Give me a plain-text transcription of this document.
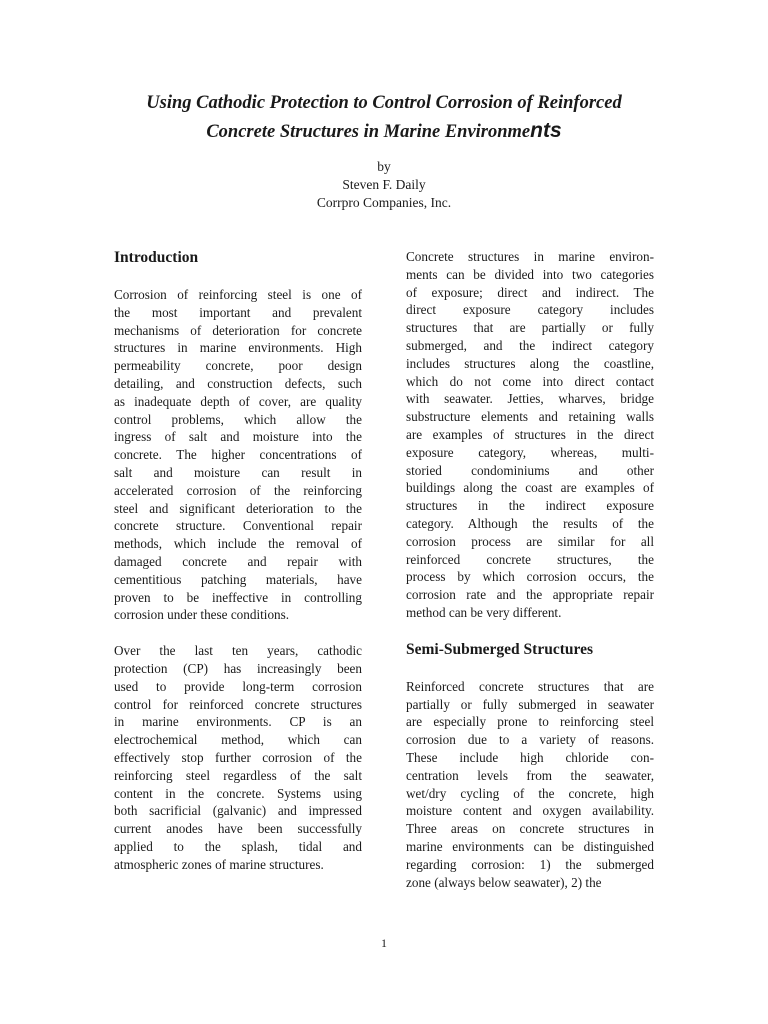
Using Cathodic Protection to Control Corrosion of Reinforced
Concrete Structures in Marine Environments
by
Steven F. Daily
Corrpro Companies, Inc.
Introduction

Corrosion of reinforcing steel is one of
the most important and prevalent
mechanisms of deterioration for concrete
structures in marine environments. High
permeability concrete, poor design
detailing, and construction defects, such
as inadequate depth of cover, are quality
control problems, which allow the
ingress of salt and moisture into the
concrete. The higher concentrations of
salt and moisture can result in
accelerated corrosion of the reinforcing
steel and significant deterioration to the
concrete structure. Conventional repair
methods, which include the removal of
damaged concrete and repair with
cementitious patching materials, have
proven to be ineffective in controlling
corrosion under these conditions.

Over the last ten years, cathodic
protection (CP) has increasingly been
used to provide long-term corrosion
control for reinforced concrete structures
in marine environments. CP is an
electrochemical method, which can
effectively stop further corrosion of the
reinforcing steel regardless of the salt
content in the concrete. Systems using
both sacrificial (galvanic) and impressed
current anodes have been successfully
applied to the splash, tidal and
atmospheric zones of marine structures.

Concrete structures in marine environ-
ments can be divided into two categories
of exposure; direct and indirect. The
direct exposure category includes
structures that are partially or fully
submerged, and the indirect category
includes structures along the coastline,
which do not come into direct contact
with seawater. Jetties, wharves, bridge
substructure elements and retaining walls
are examples of structures in the direct
exposure category, whereas, multi-
storied condominiums and other
buildings along the coast are examples of
structures in the indirect exposure
category. Although the results of the
corrosion process are similar for all
reinforced concrete structures, the
process by which corrosion occurs, the
corrosion rate and the appropriate repair
method can be very different.

Semi-Submerged Structures

Reinforced concrete structures that are
partially or fully submerged in seawater
are especially prone to reinforcing steel
corrosion due to a variety of reasons.
These include high chloride con-
centration levels from the seawater,
wet/dry cycling of the concrete, high
moisture content and oxygen availability.
Three areas on concrete structures in
marine environments can be distinguished
regarding corrosion: 1) the submerged
zone (always below seawater), 2) the

1
